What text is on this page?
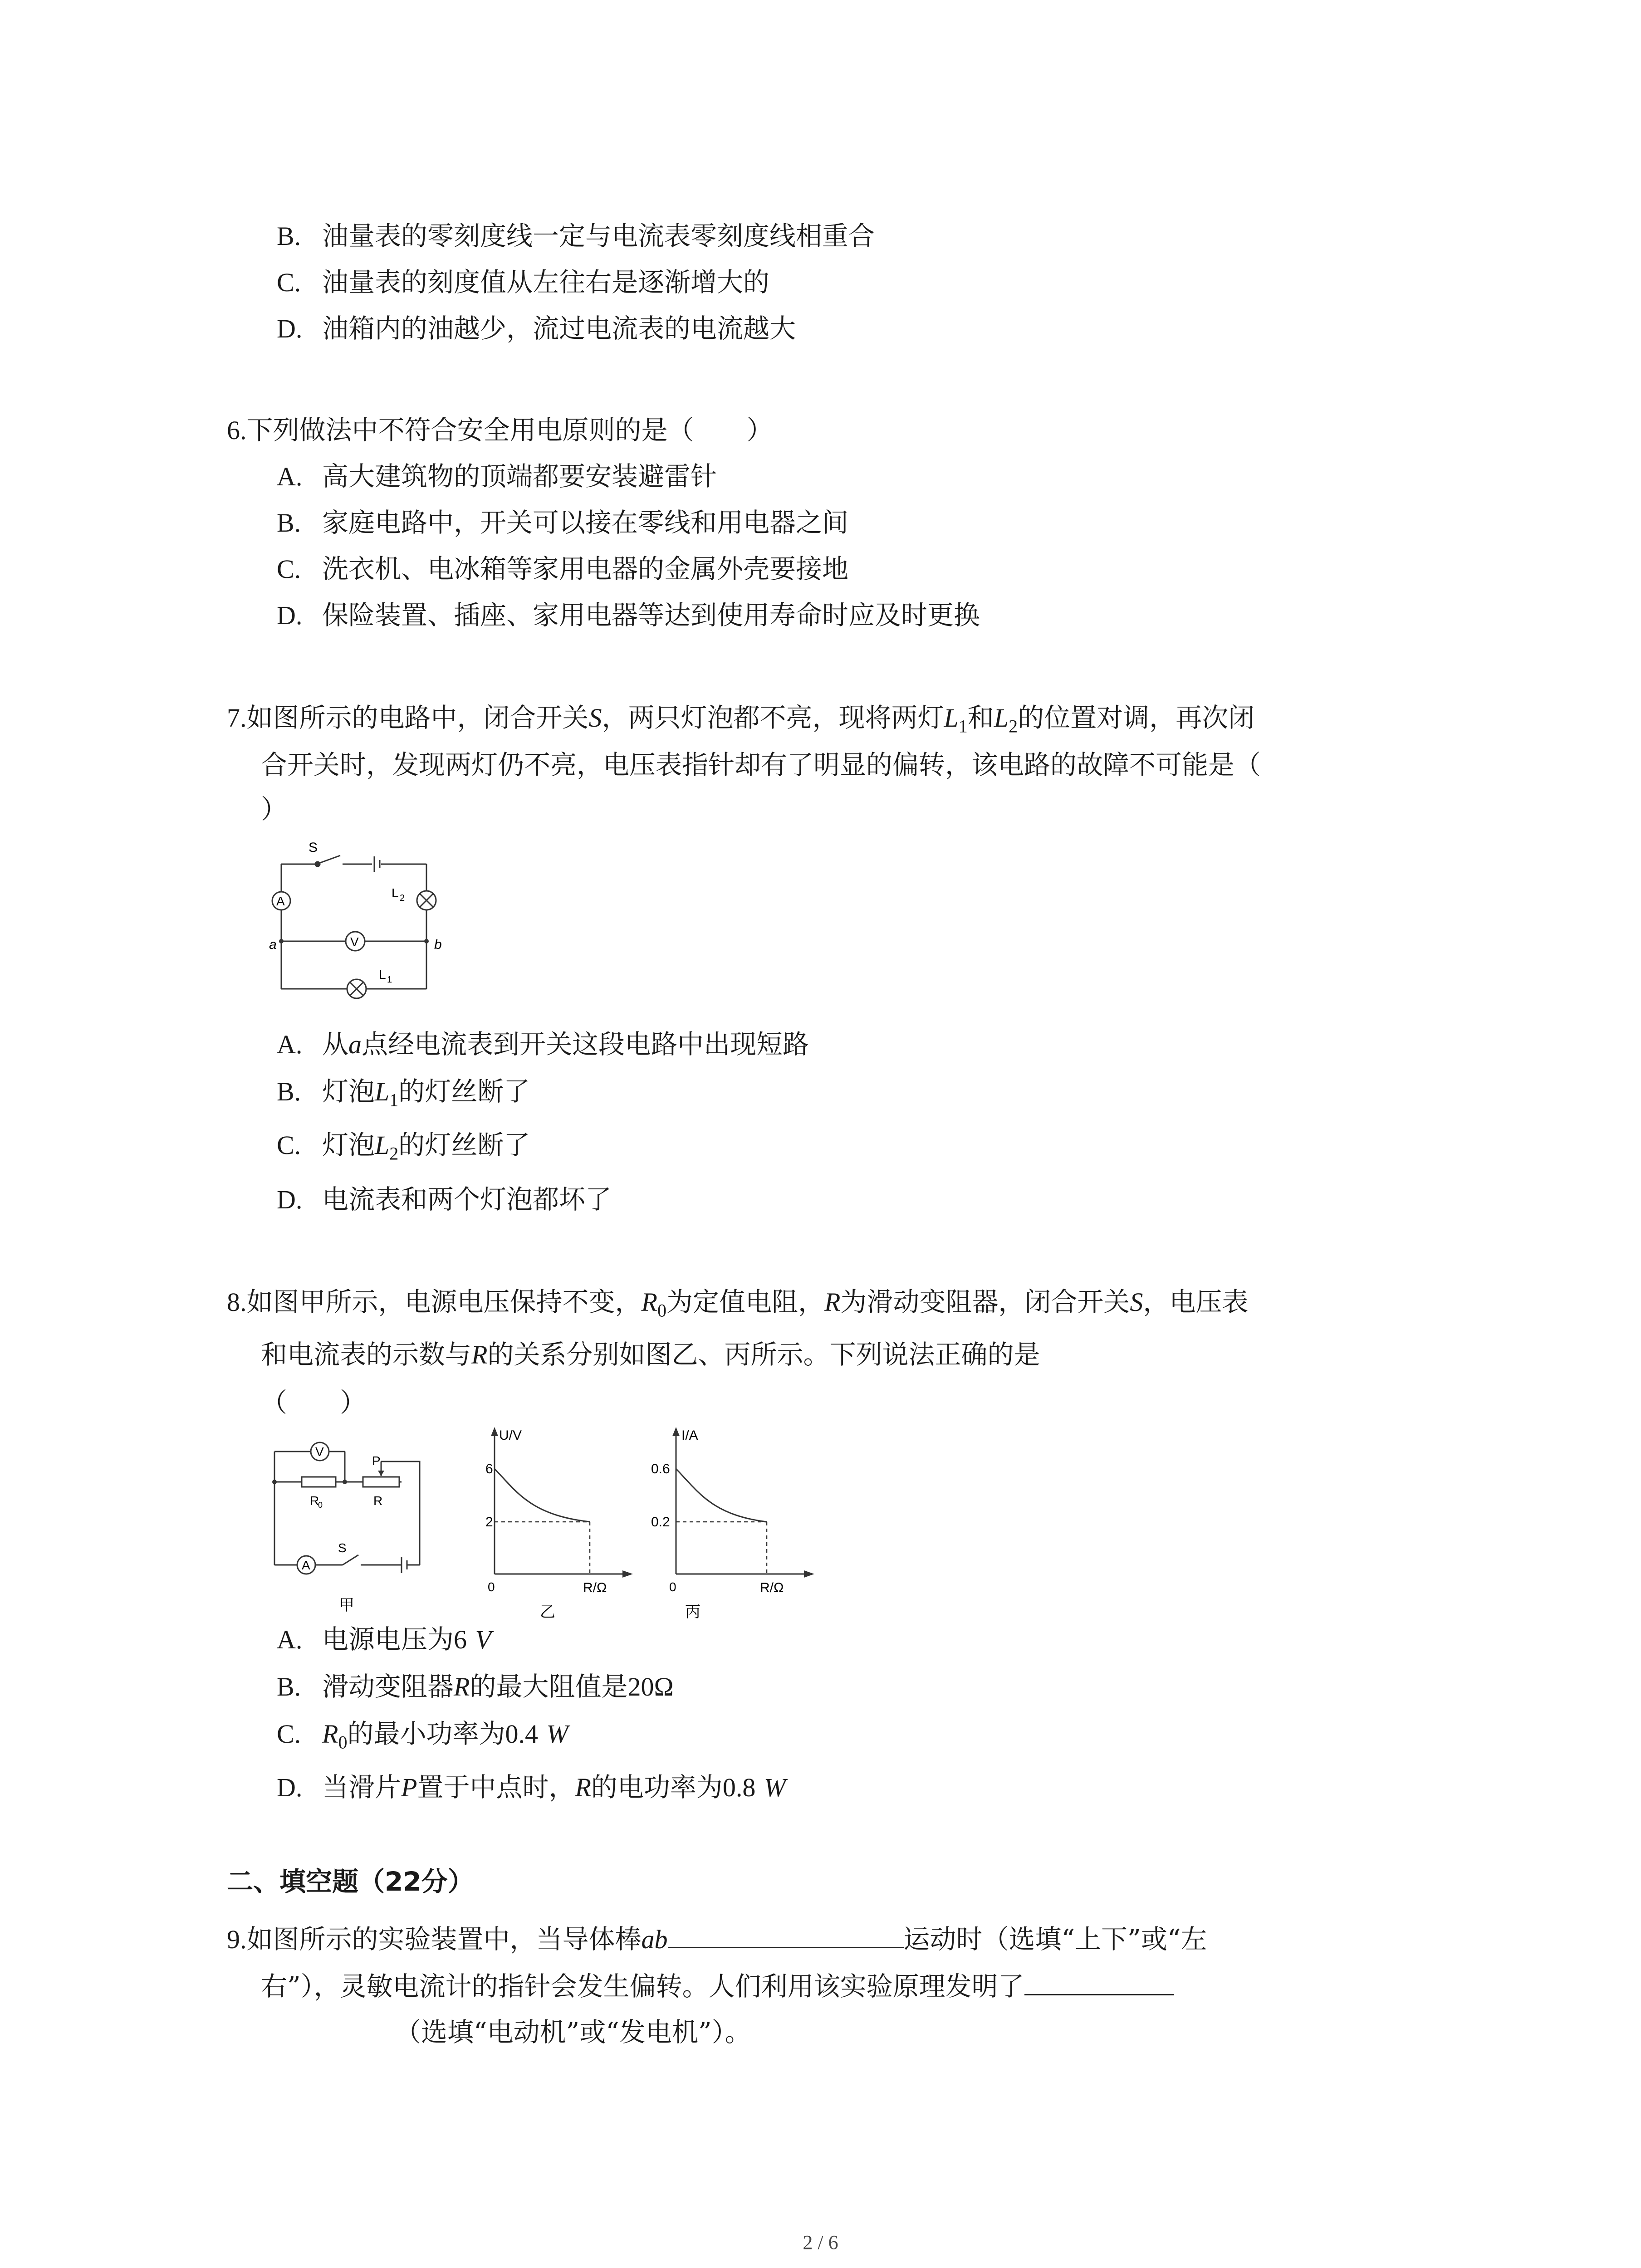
B. 油量表的零刻度线一定与电流表零刻度线相重合
C. 油量表的刻度值从左往右是逐渐增大的
D. 油箱内的油越少，流过电流表的电流越大
6.下列做法中不符合安全用电原则的是（　　）
A. 高大建筑物的顶端都要安装避雷针
B. 家庭电路中，开关可以接在零线和用电器之间
C. 洗衣机、电冰箱等家用电器的金属外壳要接地
D. 保险装置、插座、家用电器等达到使用寿命时应及时更换
7.如图所示的电路中，闭合开关S，两只灯泡都不亮，现将两灯$L_1$和$L_2$的位置对调，再次闭
合开关时，发现两灯仍不亮，电压表指针却有了明显的偏转，该电路的故障不可能是（
）
S
A
V
L 2
L 1
a	b
A. 从a点经电流表到开关这段电路中出现短路
B. 灯泡$L_1$的灯丝断了
C. 灯泡$L_2$的灯丝断了
D. 电流表和两个灯泡都坏了
8.如图甲所示，电源电压保持不变，$R_0$为定值电阻，R为滑动变阻器，闭合开关S，电压表
和电流表的示数与R的关系分别如图乙、丙所示。下列说法正确的是
（　　）
V
P
R
0	R
S
A
甲
U/V
R/Ω
6
2
0
乙
I/A
R/Ω
0.6
0.2
0
丙
A. 电源电压为6 V
B. 滑动变阻器R的最大阻值是20Ω
C. $R_0$的最小功率为0.4 W
D. 当滑片P置于中点时，R的电功率为0.8 W
二、填空题（22分）
9.如图所示的实验装置中，当导体棒ab	运动时（选填“上下”或“左
右”），灵敏电流计的指针会发生偏转。人们利用该实验原理发明了
（选填“电动机”或“发电机”）。
2 / 6
